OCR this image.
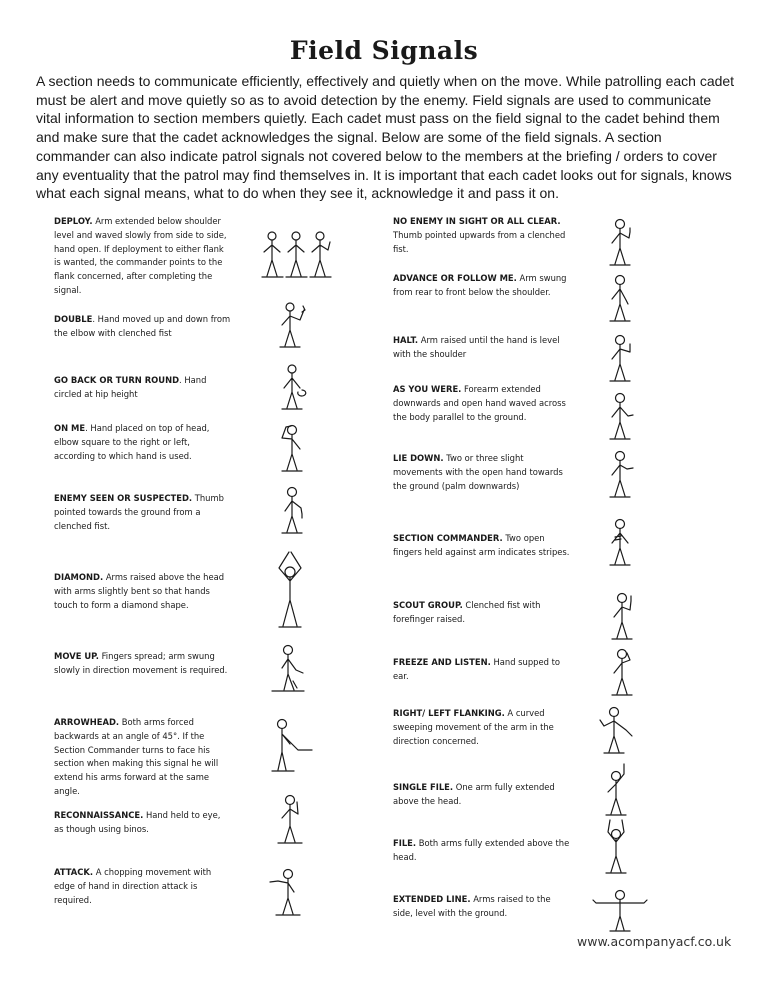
Field Signals
A section needs to communicate efficiently, effectively and quietly when on the move. While patrolling each cadet must be alert and move quietly so as to avoid detection by the enemy. Field signals are used to communicate vital information to section members quietly. Each cadet must pass on the field signal to the cadet behind them and make sure that the cadet acknowledges the signal. Below are some of the field signals. A section commander can also indicate patrol signals not covered below to the members at the briefing / orders to cover any eventuality that the patrol may find themselves in. It is important that each cadet looks out for signals, knows what each signal means, what to do when they see it, acknowledge it and pass it on.
DEPLOY. Arm extended below shoulder level and waved slowly from side to side, hand open. If deployment to either flank is wanted, the commander points to the flank concerned, after completing the signal.
DOUBLE. Hand moved up and down from the elbow with clenched fist
GO BACK OR TURN ROUND. Hand circled at hip height
ON ME. Hand placed on top of head, elbow square to the right or left, according to which hand is used.
ENEMY SEEN OR SUSPECTED. Thumb pointed towards the ground from a clenched fist.
DIAMOND. Arms raised above the head with arms slightly bent so that hands touch to form a diamond shape.
MOVE UP. Fingers spread; arm swung slowly in direction movement is required.
ARROWHEAD. Both arms forced backwards at an angle of 45°. If the Section Commander turns to face his section when making this signal he will extend his arms forward at the same angle.
RECONNAISSANCE. Hand held to eye, as though using binos.
ATTACK. A chopping movement with edge of hand in direction attack is required.
NO ENEMY IN SIGHT OR ALL CLEAR. Thumb pointed upwards from a clenched fist.
ADVANCE OR FOLLOW ME. Arm swung from rear to front below the shoulder.
HALT. Arm raised until the hand is level with the shoulder
AS YOU WERE. Forearm extended downwards and open hand waved across the body parallel to the ground.
LIE DOWN. Two or three slight movements with the open hand towards the ground (palm downwards)
SECTION COMMANDER. Two open fingers held against arm indicates stripes.
SCOUT GROUP. Clenched fist with forefinger raised.
FREEZE AND LISTEN. Hand supped to ear.
RIGHT/ LEFT FLANKING. A curved sweeping movement of the arm in the direction concerned.
SINGLE FILE. One arm fully extended above the head.
FILE. Both arms fully extended above the head.
EXTENDED LINE. Arms raised to the side, level with the ground.
www.acompanyacf.co.uk
